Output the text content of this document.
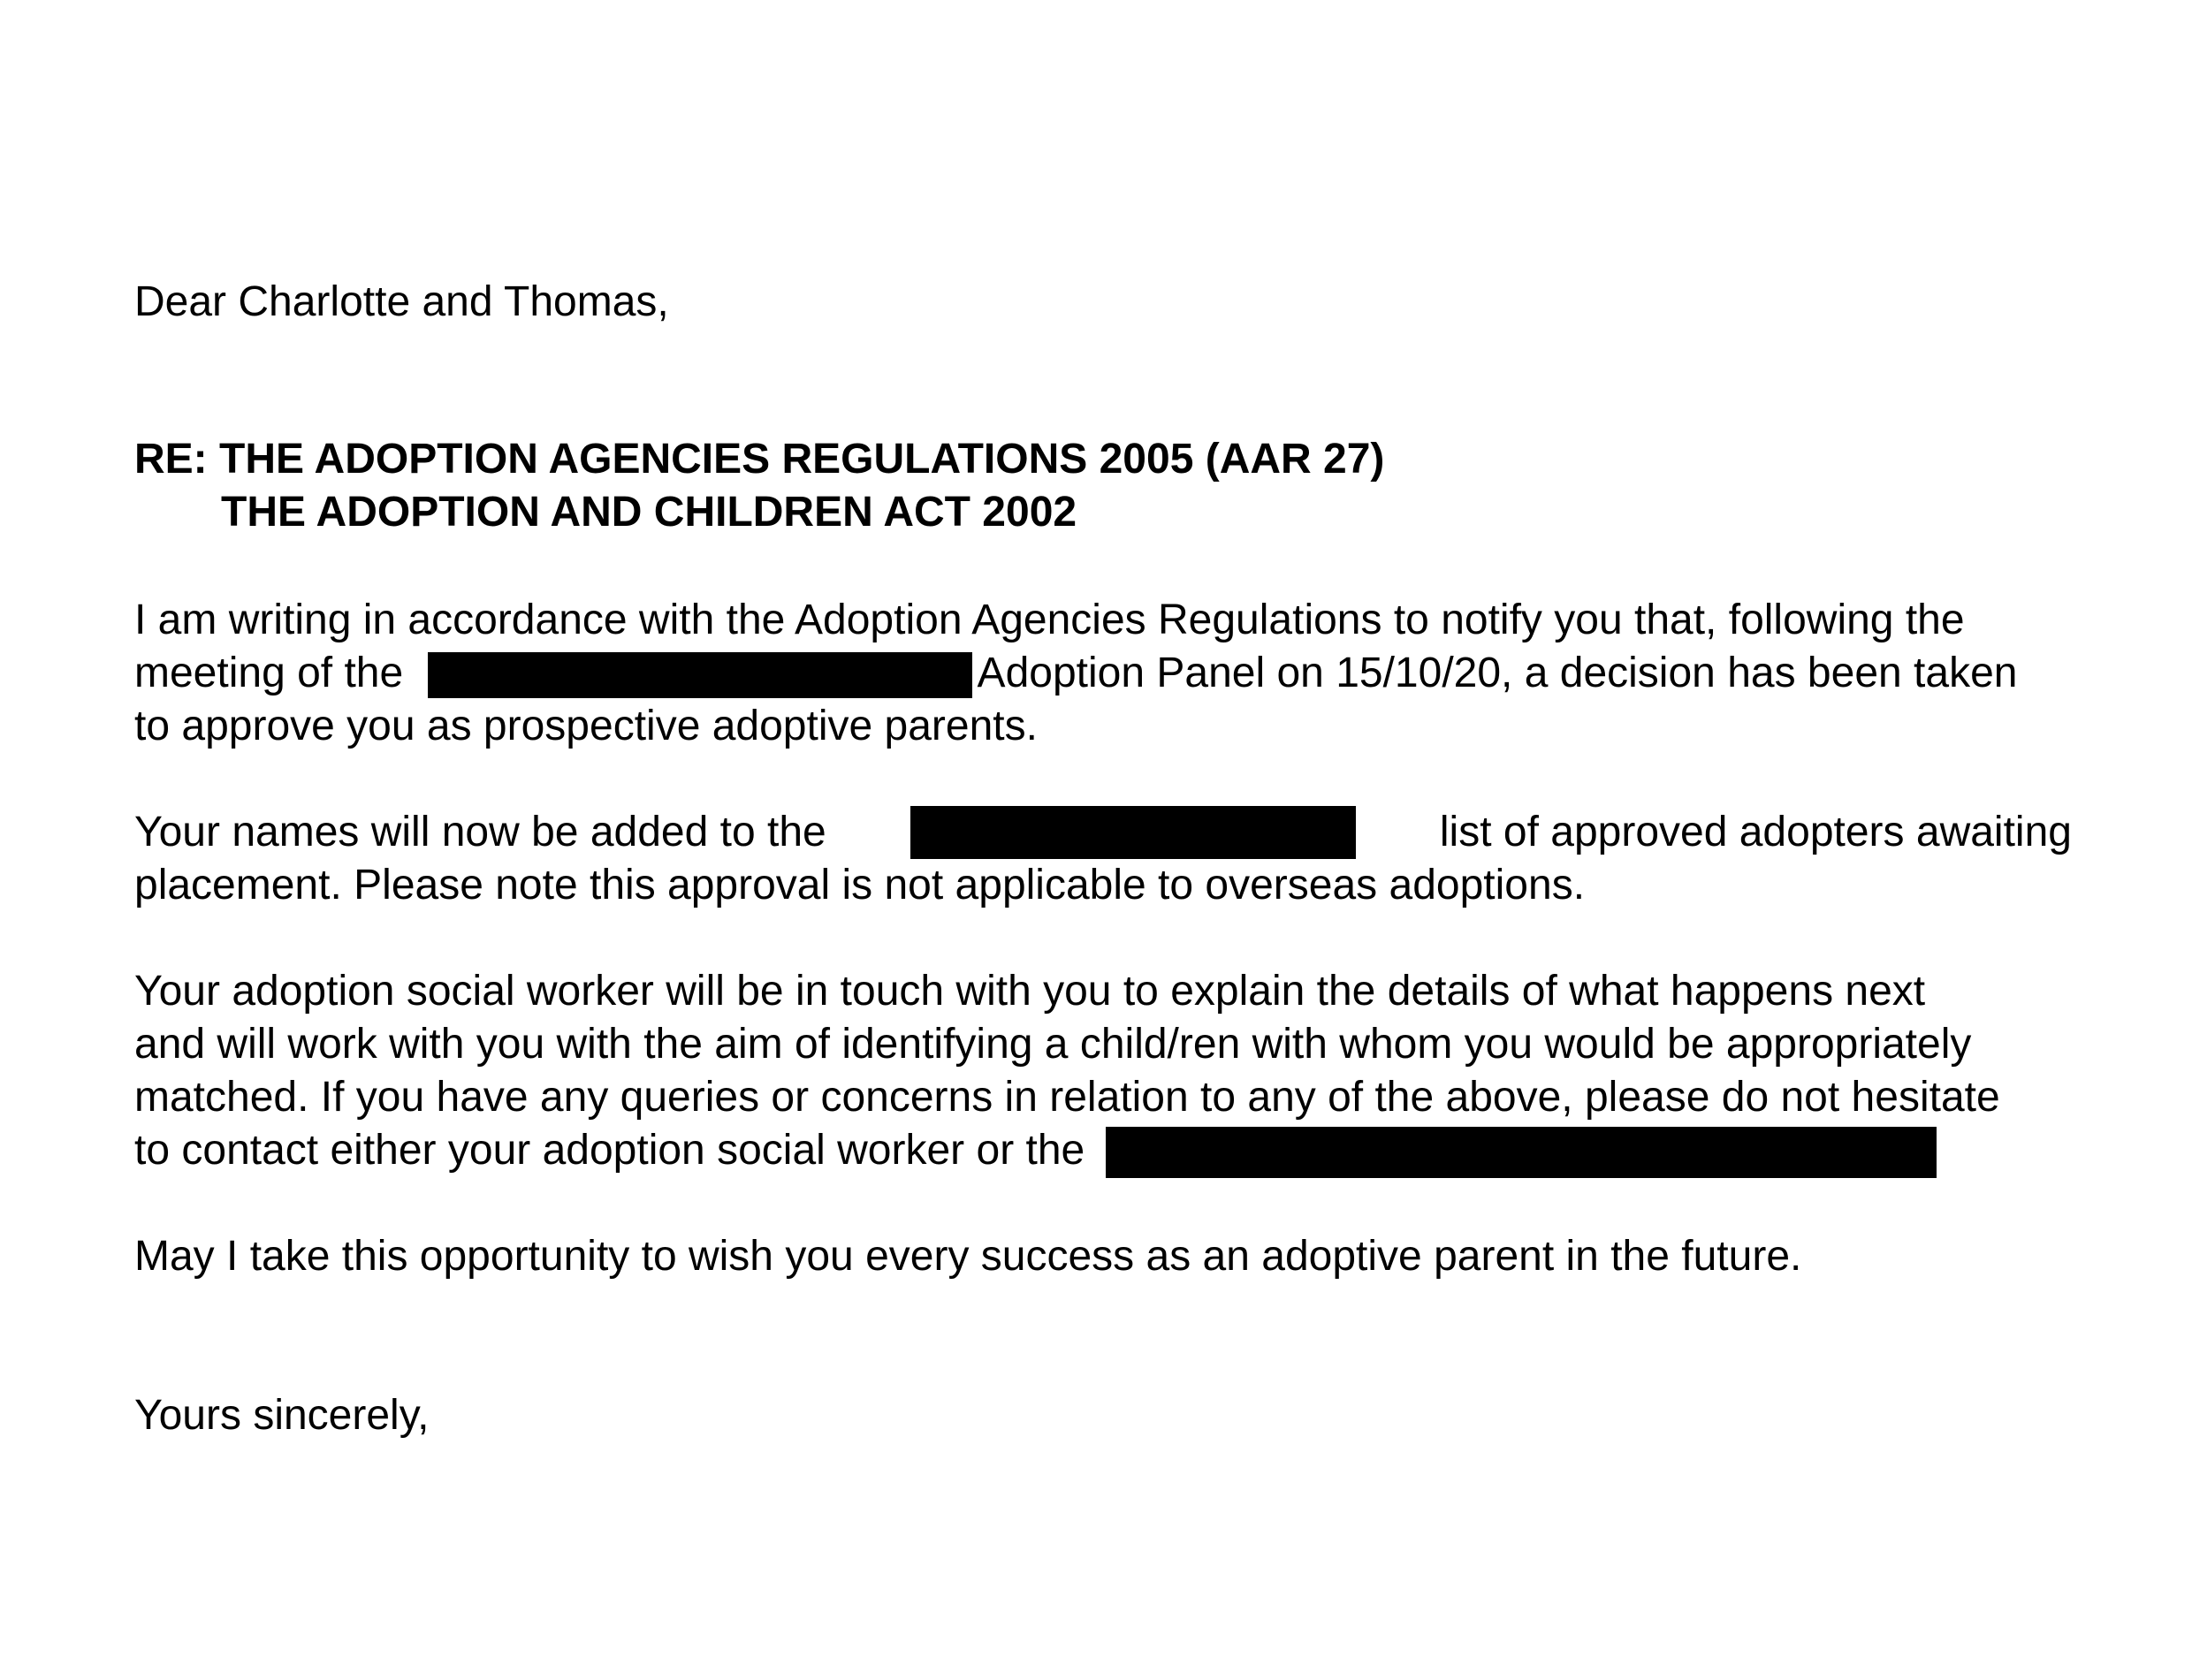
Dear Charlotte and Thomas,
RE: THE ADOPTION AGENCIES REGULATIONS 2005 (AAR 27)
THE ADOPTION AND CHILDREN ACT 2002
I am writing in accordance with the Adoption Agencies Regulations to notify you that, following the
meeting of the	Adoption Panel on 15/10/20, a decision has been taken
to approve you as prospective adoptive parents.
Your names will now be added to the	list of approved adopters awaiting
placement. Please note this approval is not applicable to overseas adoptions.
Your adoption social worker will be in touch with you to explain the details of what happens next
and will work with you with the aim of identifying a child/ren with whom you would be appropriately
matched. If you have any queries or concerns in relation to any of the above, please do not hesitate
to contact either your adoption social worker or the
May I take this opportunity to wish you every success as an adoptive parent in the future.
Yours sincerely,
